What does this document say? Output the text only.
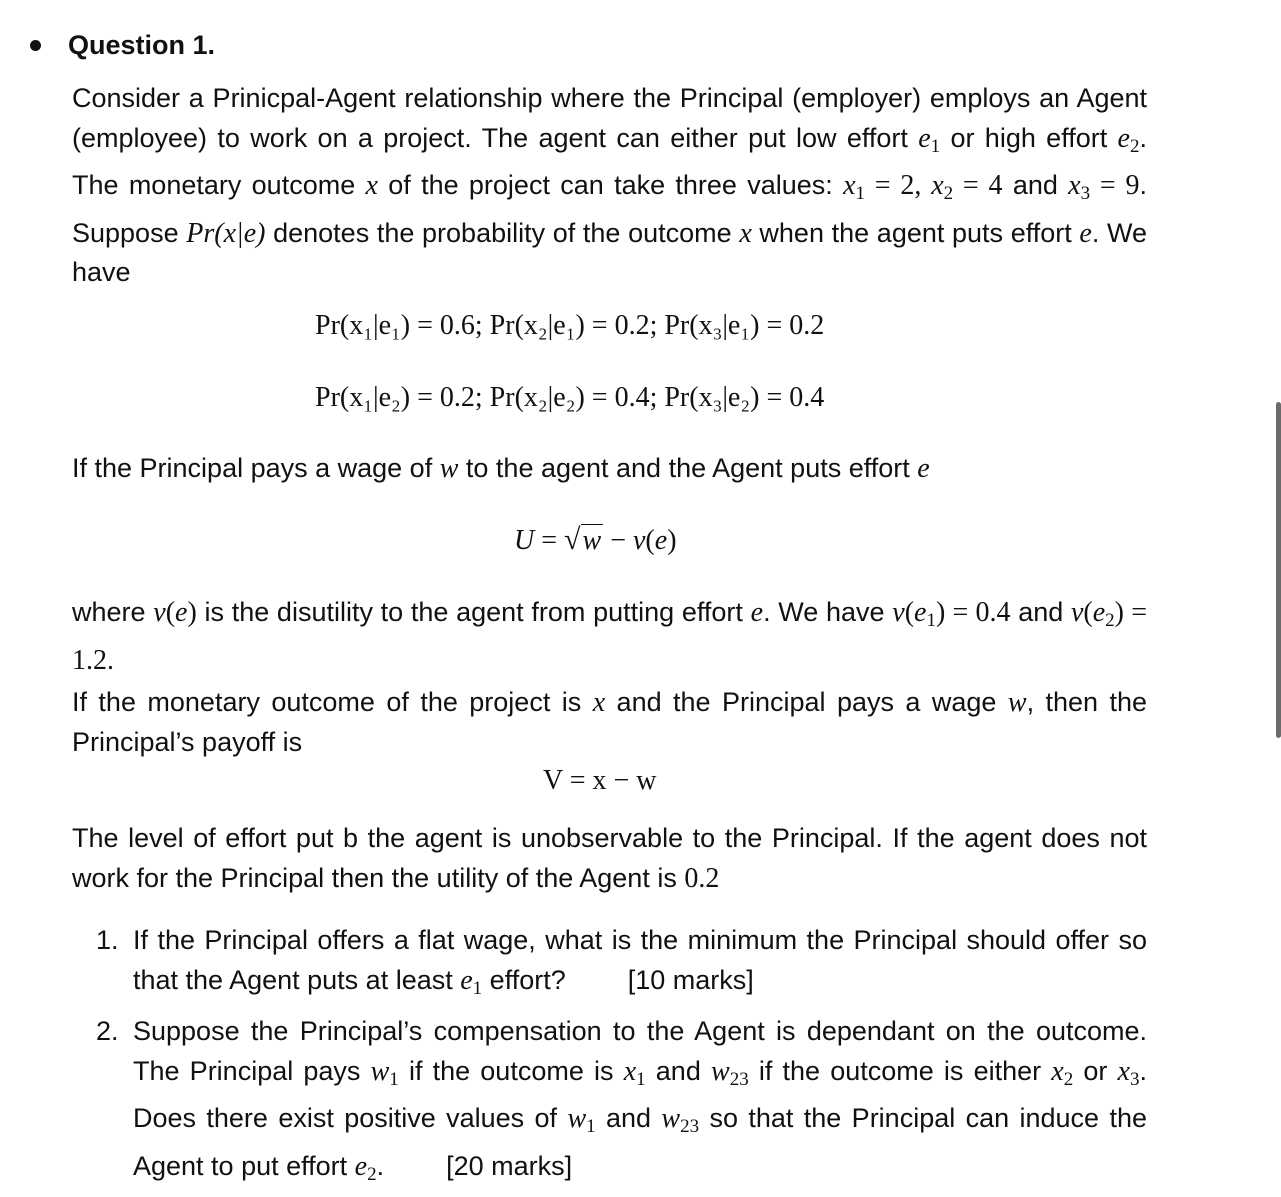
Question 1.
Consider a Prinicpal-Agent relationship where the Principal (employer) employs an Agent (employee) to work on a project. The agent can either put low effort $e_1$ or high effort $e_2$. The monetary outcome x of the project can take three values: $x_1 = 2$, $x_2 = 4$ and $x_3 = 9$. Suppose Pr(x|e) denotes the probability of the outcome x when the agent puts effort e. We have
Pr(x₁|e₁) = 0.6; Pr(x₂|e₁) = 0.2; Pr(x₃|e₁) = 0.2
Pr(x₁|e₂) = 0.2; Pr(x₂|e₂) = 0.4; Pr(x₃|e₂) = 0.4
If the Principal pays a wage of w to the agent and the Agent puts effort e
U = √w − v(e)
where v(e) is the disutility to the agent from putting effort e. We have $v(e_1) = 0.4$ and $v(e_2) = 1.2$.
If the monetary outcome of the project is x and the Principal pays a wage w, then the Principal’s payoff is
V = x − w
The level of effort put b the agent is unobservable to the Principal. If the agent does not work for the Principal then the utility of the Agent is 0.2
1. If the Principal offers a flat wage, what is the minimum the Principal should offer so that the Agent puts at least $e_1$ effort? [10 marks]
2. Suppose the Principal’s compensation to the Agent is dependant on the outcome. The Principal pays $w_1$ if the outcome is $x_1$ and $w_{23}$ if the outcome is either $x_2$ or $x_3$. Does there exist positive values of $w_1$ and $w_{23}$ so that the Principal can induce the Agent to put effort $e_2$. [20 marks]
